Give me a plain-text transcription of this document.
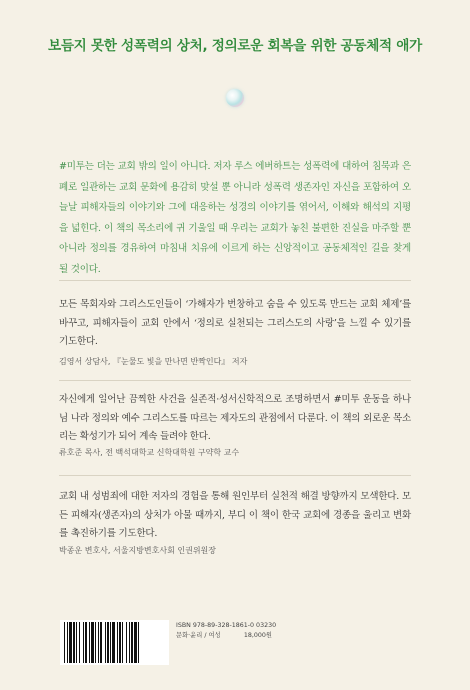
보듬지 못한 성폭력의 상처, 정의로운 회복을 위한 공동체적 애가
#미투는 더는 교회 밖의 일이 아니다. 저자 루스 에버하트는 성폭력에 대하여 침묵과 은폐로 일관하는 교회 문화에 용감히 맞설 뿐 아니라 성폭력 생존자인 자신을 포함하여 오늘날 피해자들의 이야기와 그에 대응하는 성경의 이야기를 엮어서, 이해와 해석의 지평을 넓힌다. 이 책의 목소리에 귀 기울일 때 우리는 교회가 놓친 불편한 진실을 마주할 뿐 아니라 정의를 경유하여 마침내 치유에 이르게 하는 신앙적이고 공동체적인 길을 찾게 될 것이다.
모든 목회자와 그리스도인들이 ‘가해자가 번창하고 숨을 수 있도록 만드는 교회 체제’를 바꾸고, 피해자들이 교회 안에서 ‘정의로 실천되는 그리스도의 사랑’을 느낄 수 있기를 기도한다.
김영서 상담사, 『눈물도 빛을 만나면 반짝인다』 저자
자신에게 일어난 끔찍한 사건을 실존적·성서신학적으로 조명하면서 #미투 운동을 하나님 나라 정의와 예수 그리스도를 따르는 제자도의 관점에서 다룬다. 이 책의 외로운 목소리는 확성기가 되어 계속 들려야 한다.
류호준 목사, 전 백석대학교 신학대학원 구약학 교수
교회 내 성범죄에 대한 저자의 경험을 통해 원인부터 실천적 해결 방향까지 모색한다. 모든 피해자(생존자)의 상처가 아물 때까지, 부디 이 책이 한국 교회에 경종을 울리고 변화를 촉진하기를 기도한다.
박종운 변호사, 서울지방변호사회 인권위원장
ISBN 978-89-328-1861-0 03230
문화·윤리 / 여성	18,000원
